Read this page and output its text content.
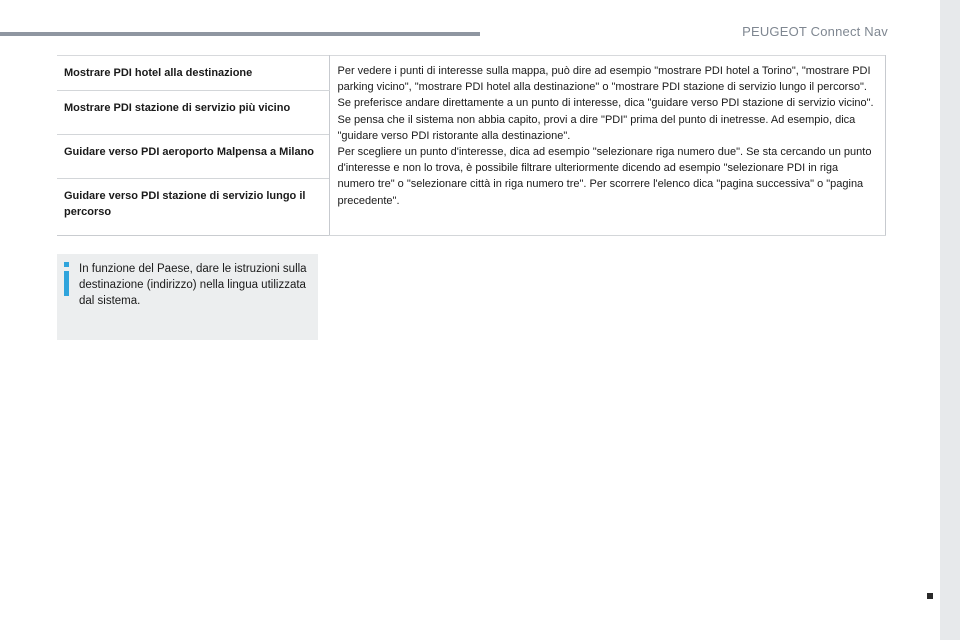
PEUGEOT Connect Nav
Mostrare PDI hotel alla destinazione	Per vedere i punti di interesse sulla mappa, può dire ad esempio "mostrare PDI hotel a Torino", "mostrare PDI parking vicino", "mostrare PDI hotel alla destinazione" o "mostrare PDI stazione di servizio lungo il percorso". Se preferisce andare direttamente a un punto di interesse, dica "guidare verso PDI stazione di servizio vicino". Se pensa che il sistema non abbia capito, provi a dire "PDI" prima del punto di inetresse. Ad esempio, dica "guidare verso PDI ristorante alla destinazione".

Per scegliere un punto d'interesse, dica ad esempio "selezionare riga numero due". Se sta cercando un punto d'interesse e non lo trova, è possibile filtrare ulteriormente dicendo ad esempio "selezionare PDI in riga numero tre" o "selezionare città in riga numero tre". Per scorrere l'elenco dica "pagina successiva" o "pagina precedente".

Mostrare PDI stazione di servizio più vicino

Guidare verso PDI aeroporto Malpensa a Milano

Guidare verso PDI stazione di servizio lungo il percorso
In funzione del Paese, dare le istruzioni sulla destinazione (indirizzo) nella lingua utilizzata dal sistema.
